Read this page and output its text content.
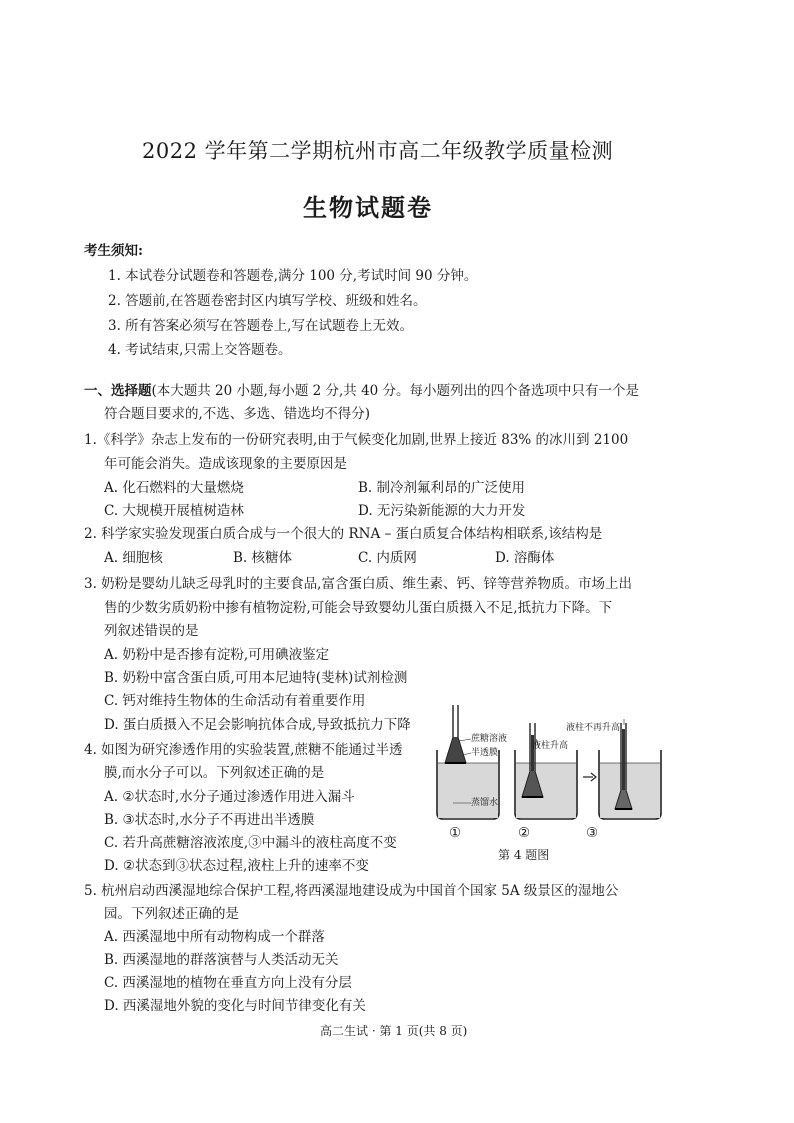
2022 学年第二学期杭州市高二年级教学质量检测
生物试题卷
考生须知:
1. 本试卷分试题卷和答题卷,满分 100 分,考试时间 90 分钟。
2. 答题前,在答题卷密封区内填写学校、班级和姓名。
3. 所有答案必须写在答题卷上,写在试题卷上无效。
4. 考试结束,只需上交答题卷。
一、选择题(本大题共 20 小题,每小题 2 分,共 40 分。每小题列出的四个备选项中只有一个是
符合题目要求的,不选、多选、错选均不得分)
1.《科学》杂志上发布的一份研究表明,由于气候变化加剧,世界上接近 83% 的冰川到 2100
年可能会消失。造成该现象的主要原因是
A. 化石燃料的大量燃烧	B. 制冷剂氟利昂的广泛使用
C. 大规模开展植树造林	D. 无污染新能源的大力开发
2. 科学家实验发现蛋白质合成与一个很大的 RNA – 蛋白质复合体结构相联系,该结构是
A. 细胞核	B. 核糖体	C. 内质网	D. 溶酶体
3. 奶粉是婴幼儿缺乏母乳时的主要食品,富含蛋白质、维生素、钙、锌等营养物质。市场上出
售的少数劣质奶粉中掺有植物淀粉,可能会导致婴幼儿蛋白质摄入不足,抵抗力下降。下
列叙述错误的是
A. 奶粉中是否掺有淀粉,可用碘液鉴定
B. 奶粉中富含蛋白质,可用本尼迪特(斐林)试剂检测
C. 钙对维持生物体的生命活动有着重要作用
D. 蛋白质摄入不足会影响抗体合成,导致抵抗力下降
4. 如图为研究渗透作用的实验装置,蔗糖不能通过半透
膜,而水分子可以。下列叙述正确的是
A. ②状态时,水分子通过渗透作用进入漏斗
B. ③状态时,水分子不再进出半透膜
C. 若升高蔗糖溶液浓度,③中漏斗的液柱高度不变
D. ②状态到③状态过程,液柱上升的速率不变
蔗糖溶液
半透膜
蒸馏水
液柱升高
液柱不再升高
①	②	③
第 4 题图
5. 杭州启动西溪湿地综合保护工程,将西溪湿地建设成为中国首个国家 5A 级景区的湿地公
园。下列叙述正确的是
A. 西溪湿地中所有动物构成一个群落
B. 西溪湿地的群落演替与人类活动无关
C. 西溪湿地的植物在垂直方向上没有分层
D. 西溪湿地外貌的变化与时间节律变化有关
高二生试 · 第 1 页(共 8 页)
